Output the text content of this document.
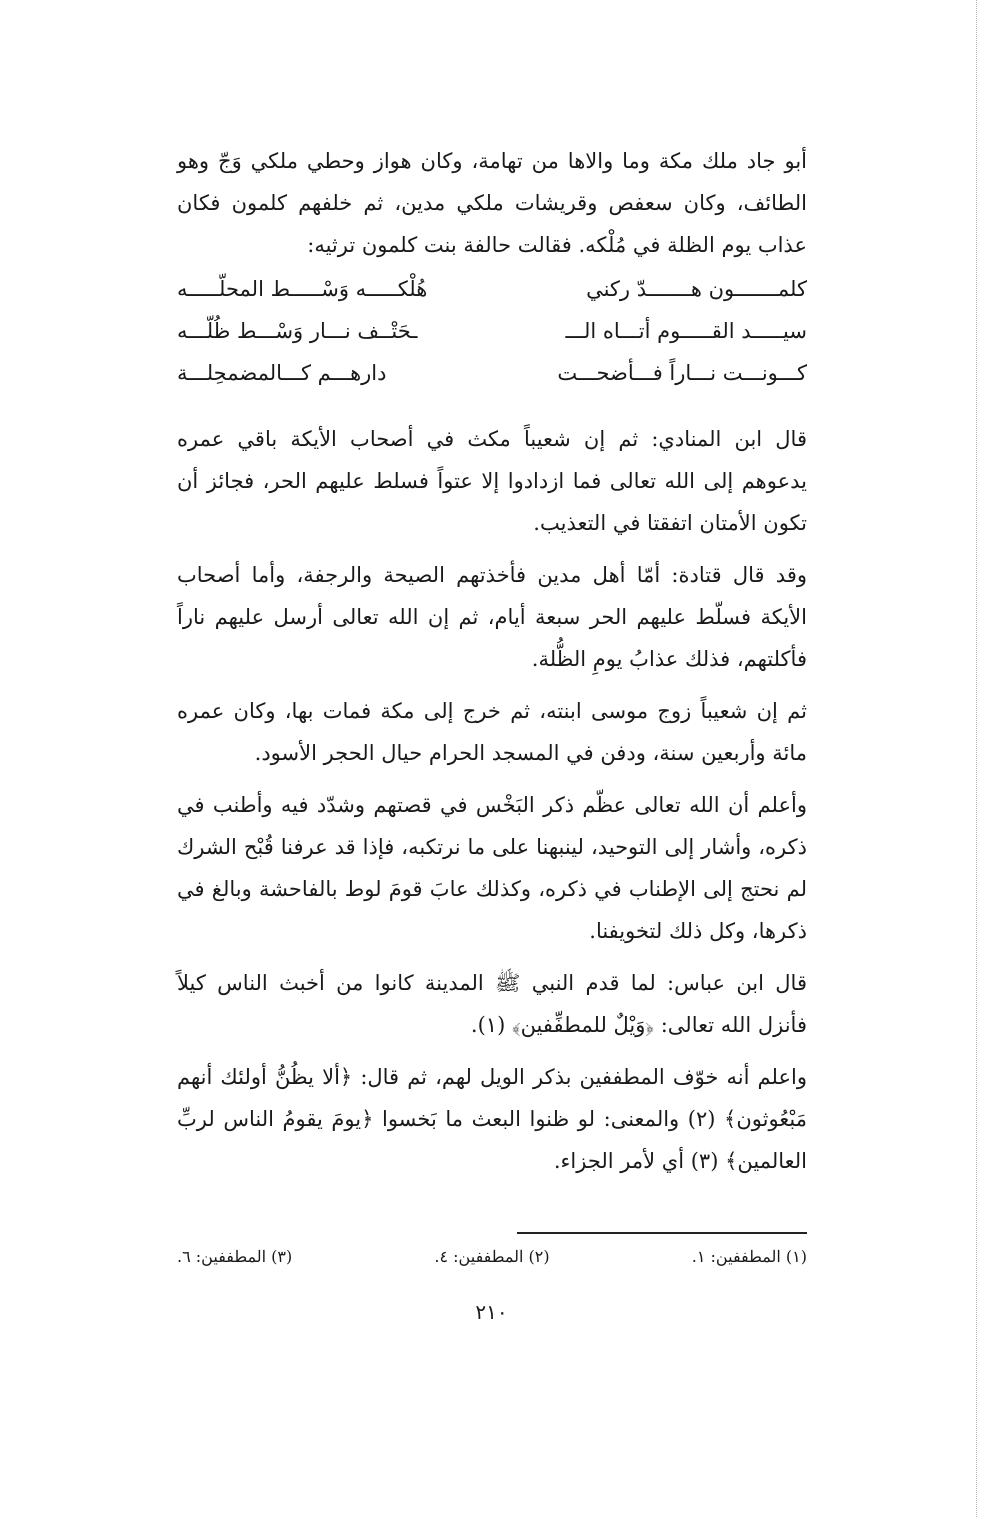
أبو جاد ملك مكة وما والاها من تهامة، وكان هواز وحطي ملكي وَجّ وهو الطائف، وكان سعفص وقريشات ملكي مدين، ثم خلفهم كلمون فكان عذاب يوم الظلة في مُلْكه. فقالت حالفة بنت كلمون ترثيه:

كلمـــــــون هـــــــدّ ركني
هُلْكـــــه وَسْـــــط المحلّـــــه
سيـــــد القـــــوم أتـــاه الـــ
ـحَتْــف نـــار وَسْـــط ظُلّـــه
كـــونـــت نـــاراً فـــأضحـــت
دارهـــم كـــالمضمحِلـــة

قال ابن المنادي: ثم إن شعيباً مكث في أصحاب الأيكة باقي عمره يدعوهم إلى الله تعالى فما ازدادوا إلا عتواً فسلط عليهم الحر، فجائز أن تكون الأمتان اتفقتا في التعذيب.

وقد قال قتادة: أمّا أهل مدين فأخذتهم الصيحة والرجفة، وأما أصحاب الأيكة فسلّط عليهم الحر سبعة أيام، ثم إن الله تعالى أرسل عليهم ناراً فأكلتهم، فذلك عذابُ يومِ الظُّلة.

ثم إن شعيباً زوج موسى ابنته، ثم خرج إلى مكة فمات بها، وكان عمره مائة وأربعين سنة، ودفن في المسجد الحرام حيال الحجر الأسود.

وأعلم أن الله تعالى عظّم ذكر البَخْس في قصتهم وشدّد فيه وأطنب في ذكره، وأشار إلى التوحيد، لينبهنا على ما نرتكبه، فإذا قد عرفنا قُبْح الشرك لم نحتج إلى الإطناب في ذكره، وكذلك عابَ قومَ لوط بالفاحشة وبالغ في ذكرها، وكل ذلك لتخويفنا.

قال ابن عباس: لما قدم النبي ﷺ المدينة كانوا من أخبث الناس كيلاً فأنزل الله تعالى: ﴿وَيْلٌ للمطفِّفين﴾ (١).

واعلم أنه خوّف المطففين بذكر الويل لهم، ثم قال: ﴿ألا يظُنُّ أولئك أنهم مَبْعُوثون﴾ (٢) والمعنى: لو ظنوا البعث ما بَخسوا ﴿يومَ يقومُ الناس لربِّ العالمين﴾ (٣) أي لأمر الجزاء.

(١) المطففين: ١.
(٢) المطففين: ٤.
(٣) المطففين: ٦.
٢١٠
